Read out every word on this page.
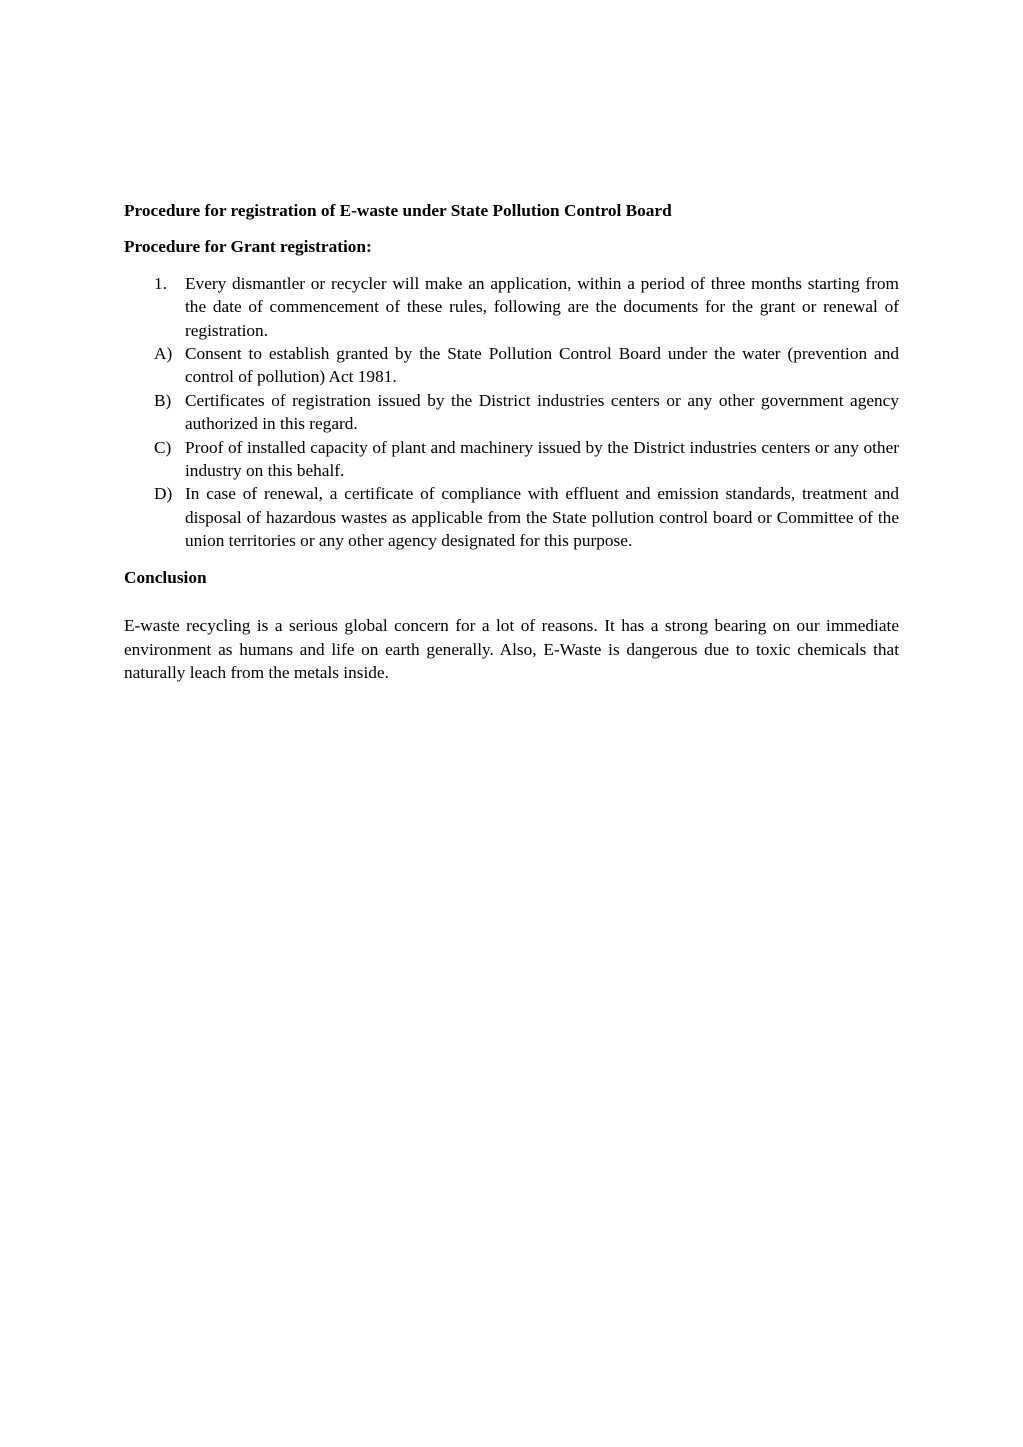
Procedure for registration of E-waste under State Pollution Control Board

Procedure for Grant registration:

1. Every dismantler or recycler will make an application, within a period of three months starting from the date of commencement of these rules, following are the documents for the grant or renewal of registration.
A) Consent to establish granted by the State Pollution Control Board under the water (prevention and control of pollution) Act 1981.
B) Certificates of registration issued by the District industries centers or any other government agency authorized in this regard.
C) Proof of installed capacity of plant and machinery issued by the District industries centers or any other industry on this behalf.
D) In case of renewal, a certificate of compliance with effluent and emission standards, treatment and disposal of hazardous wastes as applicable from the State pollution control board or Committee of the union territories or any other agency designated for this purpose.

Conclusion

E-waste recycling is a serious global concern for a lot of reasons. It has a strong bearing on our immediate environment as humans and life on earth generally. Also, E-Waste is dangerous due to toxic chemicals that naturally leach from the metals inside.
